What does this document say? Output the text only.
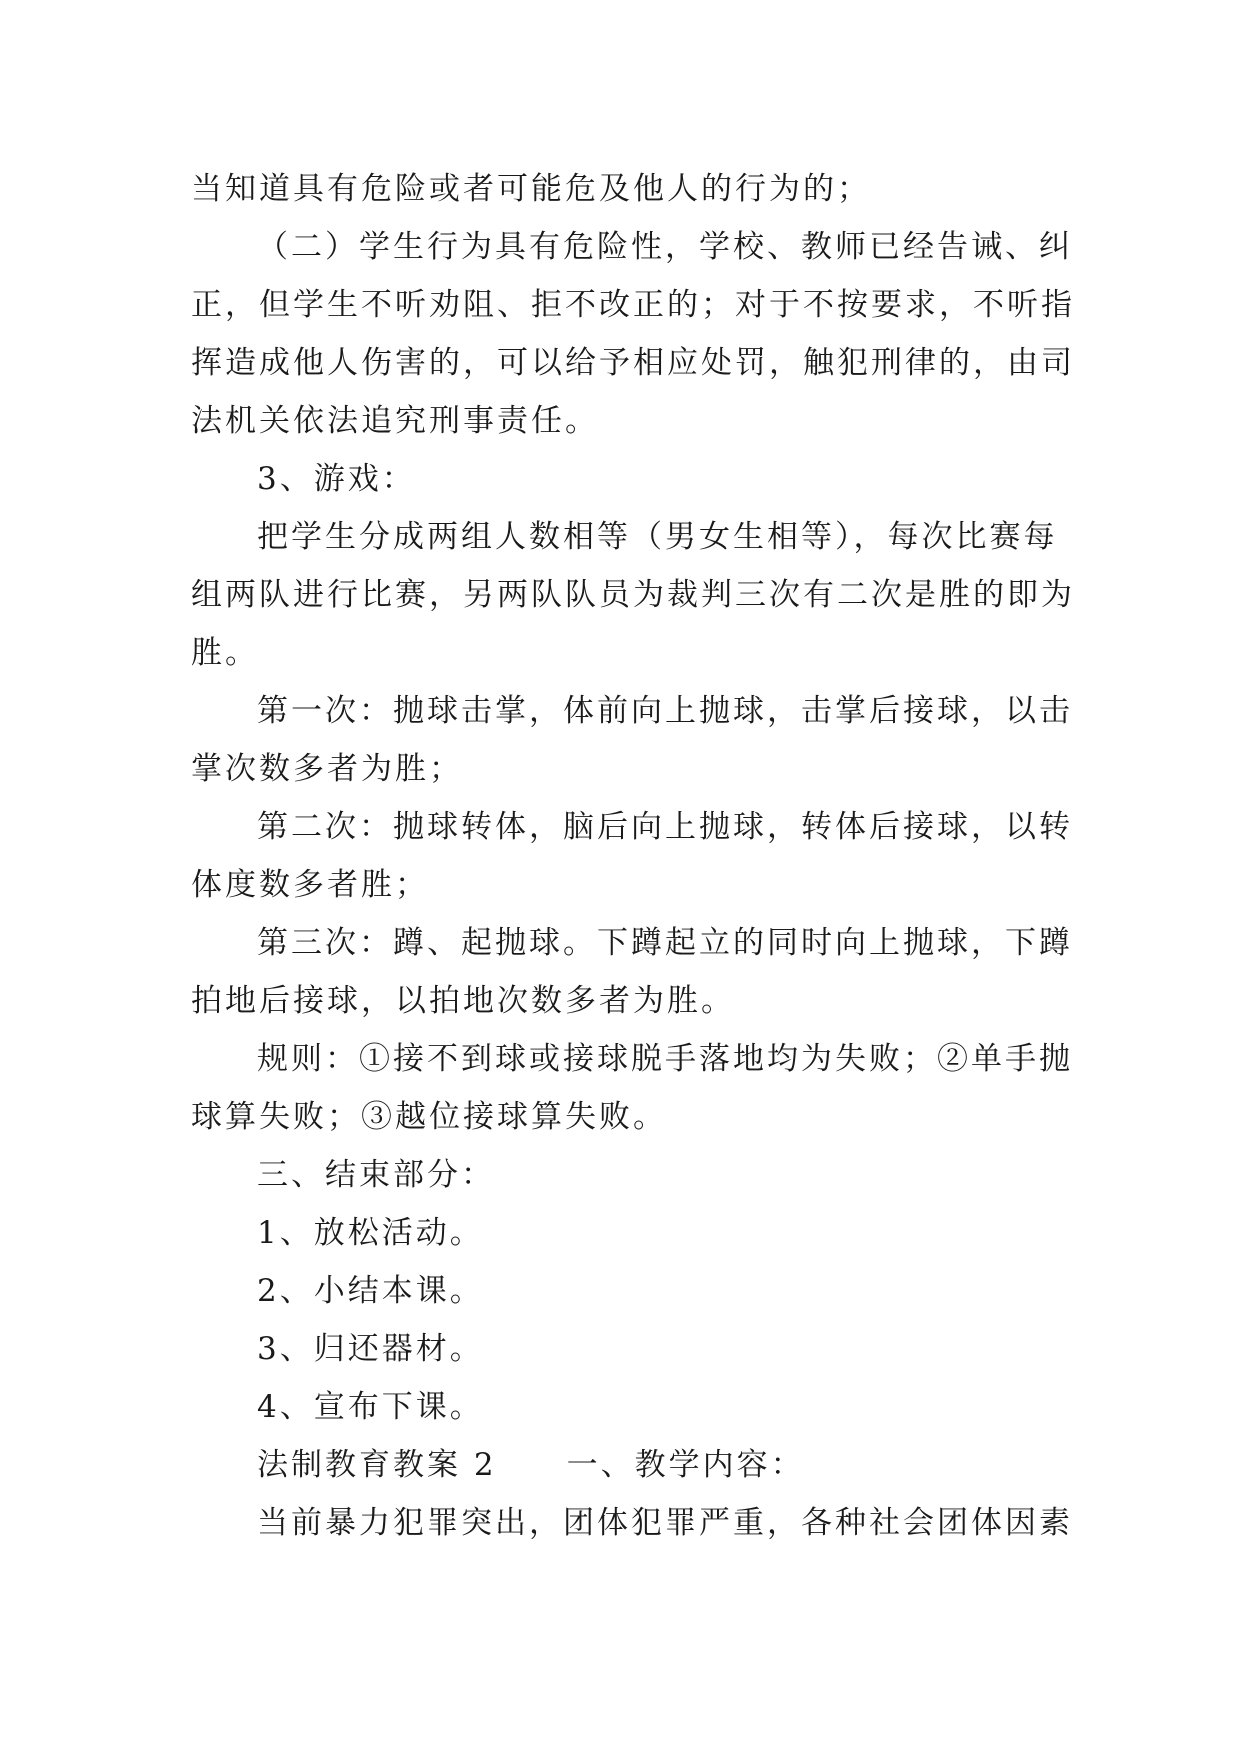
当知道具有危险或者可能危及他人的行为的；
（二）学生行为具有危险性，学校、教师已经告诫、纠
正，但学生不听劝阻、拒不改正的；对于不按要求，不听指
挥造成他人伤害的，可以给予相应处罚，触犯刑律的，由司
法机关依法追究刑事责任。
3、游戏：
把学生分成两组人数相等（男女生相等），每次比赛每
组两队进行比赛，另两队队员为裁判三次有二次是胜的即为
胜。
第一次：抛球击掌，体前向上抛球，击掌后接球，以击
掌次数多者为胜；
第二次：抛球转体，脑后向上抛球，转体后接球，以转
体度数多者胜；
第三次：蹲、起抛球。下蹲起立的同时向上抛球，下蹲
拍地后接球，以拍地次数多者为胜。
规则：①接不到球或接球脱手落地均为失败；②单手抛
球算失败；③越位接球算失败。
三、结束部分：
1、放松活动。
2、小结本课。
3、归还器材。
4、宣布下课。
法制教育教案 2 一、教学内容：
当前暴力犯罪突出，团体犯罪严重，各种社会团体因素
